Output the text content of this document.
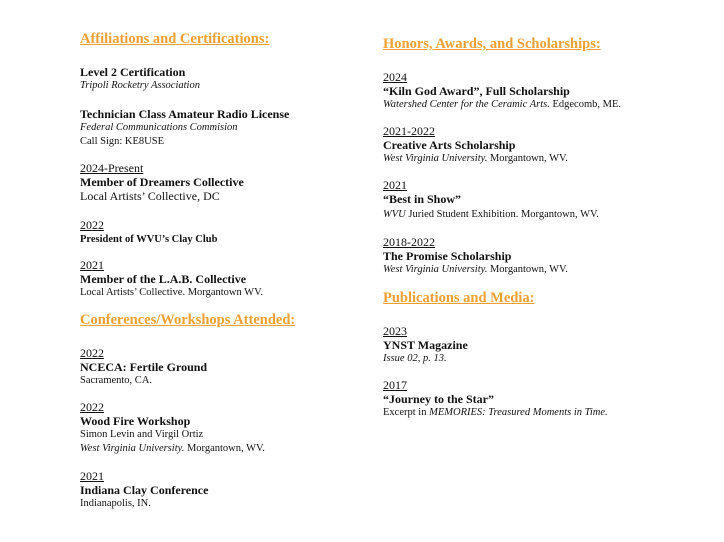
Affiliations and Certifications:
Level 2 Certification
Tripoli Rocketry Association
Technician Class Amateur Radio License
Federal Communications Commision
Call Sign: KE8USE
2024-Present
Member of Dreamers Collective
Local Artists’ Collective, DC
2022
President of WVU’s Clay Club
2021
Member of the L.A.B. Collective
Local Artists’ Collective. Morgantown WV.
Conferences/Workshops Attended:
2022
NCECA: Fertile Ground
Sacramento, CA.
2022
Wood Fire Workshop
Simon Levin and Virgil Ortiz
West Virginia University. Morgantown, WV.
2021
Indiana Clay Conference
Indianapolis, IN.
Honors, Awards, and Scholarships:
2024
“Kiln God Award”, Full Scholarship
Watershed Center for the Ceramic Arts. Edgecomb, ME.
2021-2022
Creative Arts Scholarship
West Virginia University. Morgantown, WV.
2021
“Best in Show”
WVU Juried Student Exhibition. Morgantown, WV.
2018-2022
The Promise Scholarship
West Virginia University. Morgantown, WV.
Publications and Media:
2023
YNST Magazine
Issue 02, p. 13.
2017
“Journey to the Star”
Excerpt in MEMORIES: Treasured Moments in Time.
